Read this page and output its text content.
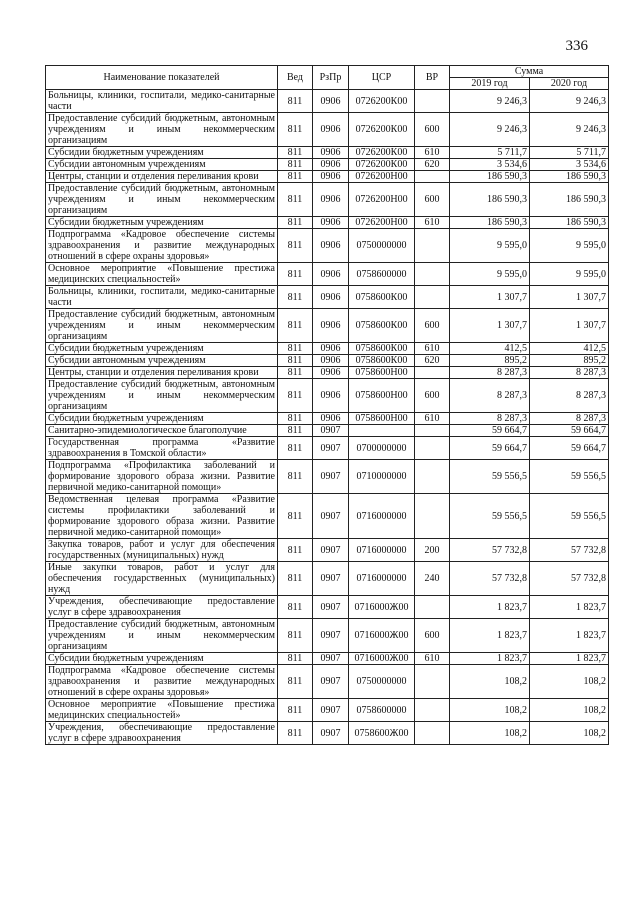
336
Наименование показателей	Вед	РзПр	ЦСР	ВР	Сумма	
					2019 год	2020 год
Больницы, клиники, госпитали, медико-санитарные части	811	0906	0726200К00		9 246,3	9 246,3
Предоставление субсидий бюджетным, автономным учреждениям и иным некоммерческим организациям	811	0906	0726200К00	600	9 246,3	9 246,3
Субсидии бюджетным учреждениям	811	0906	0726200К00	610	5 711,7	5 711,7
Субсидии автономным учреждениям	811	0906	0726200К00	620	3 534,6	3 534,6
Центры, станции и отделения переливания крови	811	0906	0726200Н00		186 590,3	186 590,3
Предоставление субсидий бюджетным, автономным учреждениям и иным некоммерческим организациям	811	0906	0726200Н00	600	186 590,3	186 590,3
Субсидии бюджетным учреждениям	811	0906	0726200Н00	610	186 590,3	186 590,3
Подпрограмма «Кадровое обеспечение системы здравоохранения и развитие международных отношений в сфере охраны здоровья»	811	0906	0750000000		9 595,0	9 595,0
Основное мероприятие «Повышение престижа медицинских специальностей»	811	0906	0758600000		9 595,0	9 595,0
Больницы, клиники, госпитали, медико-санитарные части	811	0906	0758600К00		1 307,7	1 307,7
Предоставление субсидий бюджетным, автономным учреждениям и иным некоммерческим организациям	811	0906	0758600К00	600	1 307,7	1 307,7
Субсидии бюджетным учреждениям	811	0906	0758600К00	610	412,5	412,5
Субсидии автономным учреждениям	811	0906	0758600К00	620	895,2	895,2
Центры, станции и отделения переливания крови	811	0906	0758600Н00		8 287,3	8 287,3
Предоставление субсидий бюджетным, автономным учреждениям и иным некоммерческим организациям	811	0906	0758600Н00	600	8 287,3	8 287,3
Субсидии бюджетным учреждениям	811	0906	0758600Н00	610	8 287,3	8 287,3
Санитарно-эпидемиологическое благополучие	811	0907			59 664,7	59 664,7
Государственная программа «Развитие здравоохранения в Томской области»	811	0907	0700000000		59 664,7	59 664,7
Подпрограмма «Профилактика заболеваний и формирование здорового образа жизни. Развитие первичной медико-санитарной помощи»	811	0907	0710000000		59 556,5	59 556,5
Ведомственная целевая программа «Развитие системы профилактики заболеваний и формирование здорового образа жизни. Развитие первичной медико-санитарной помощи»	811	0907	0716000000		59 556,5	59 556,5
Закупка товаров, работ и услуг для обеспечения государственных (муниципальных) нужд	811	0907	0716000000	200	57 732,8	57 732,8
Иные закупки товаров, работ и услуг для обеспечения государственных (муниципальных) нужд	811	0907	0716000000	240	57 732,8	57 732,8
Учреждения, обеспечивающие предоставление услуг в сфере здравоохранения	811	0907	0716000Ж00		1 823,7	1 823,7
Предоставление субсидий бюджетным, автономным учреждениям и иным некоммерческим организациям	811	0907	0716000Ж00	600	1 823,7	1 823,7
Субсидии бюджетным учреждениям	811	0907	0716000Ж00	610	1 823,7	1 823,7
Подпрограмма «Кадровое обеспечение системы здравоохранения и развитие международных отношений в сфере охраны здоровья»	811	0907	0750000000		108,2	108,2
Основное мероприятие «Повышение престижа медицинских специальностей»	811	0907	0758600000		108,2	108,2
Учреждения, обеспечивающие предоставление услуг в сфере здравоохранения	811	0907	0758600Ж00		108,2	108,2
